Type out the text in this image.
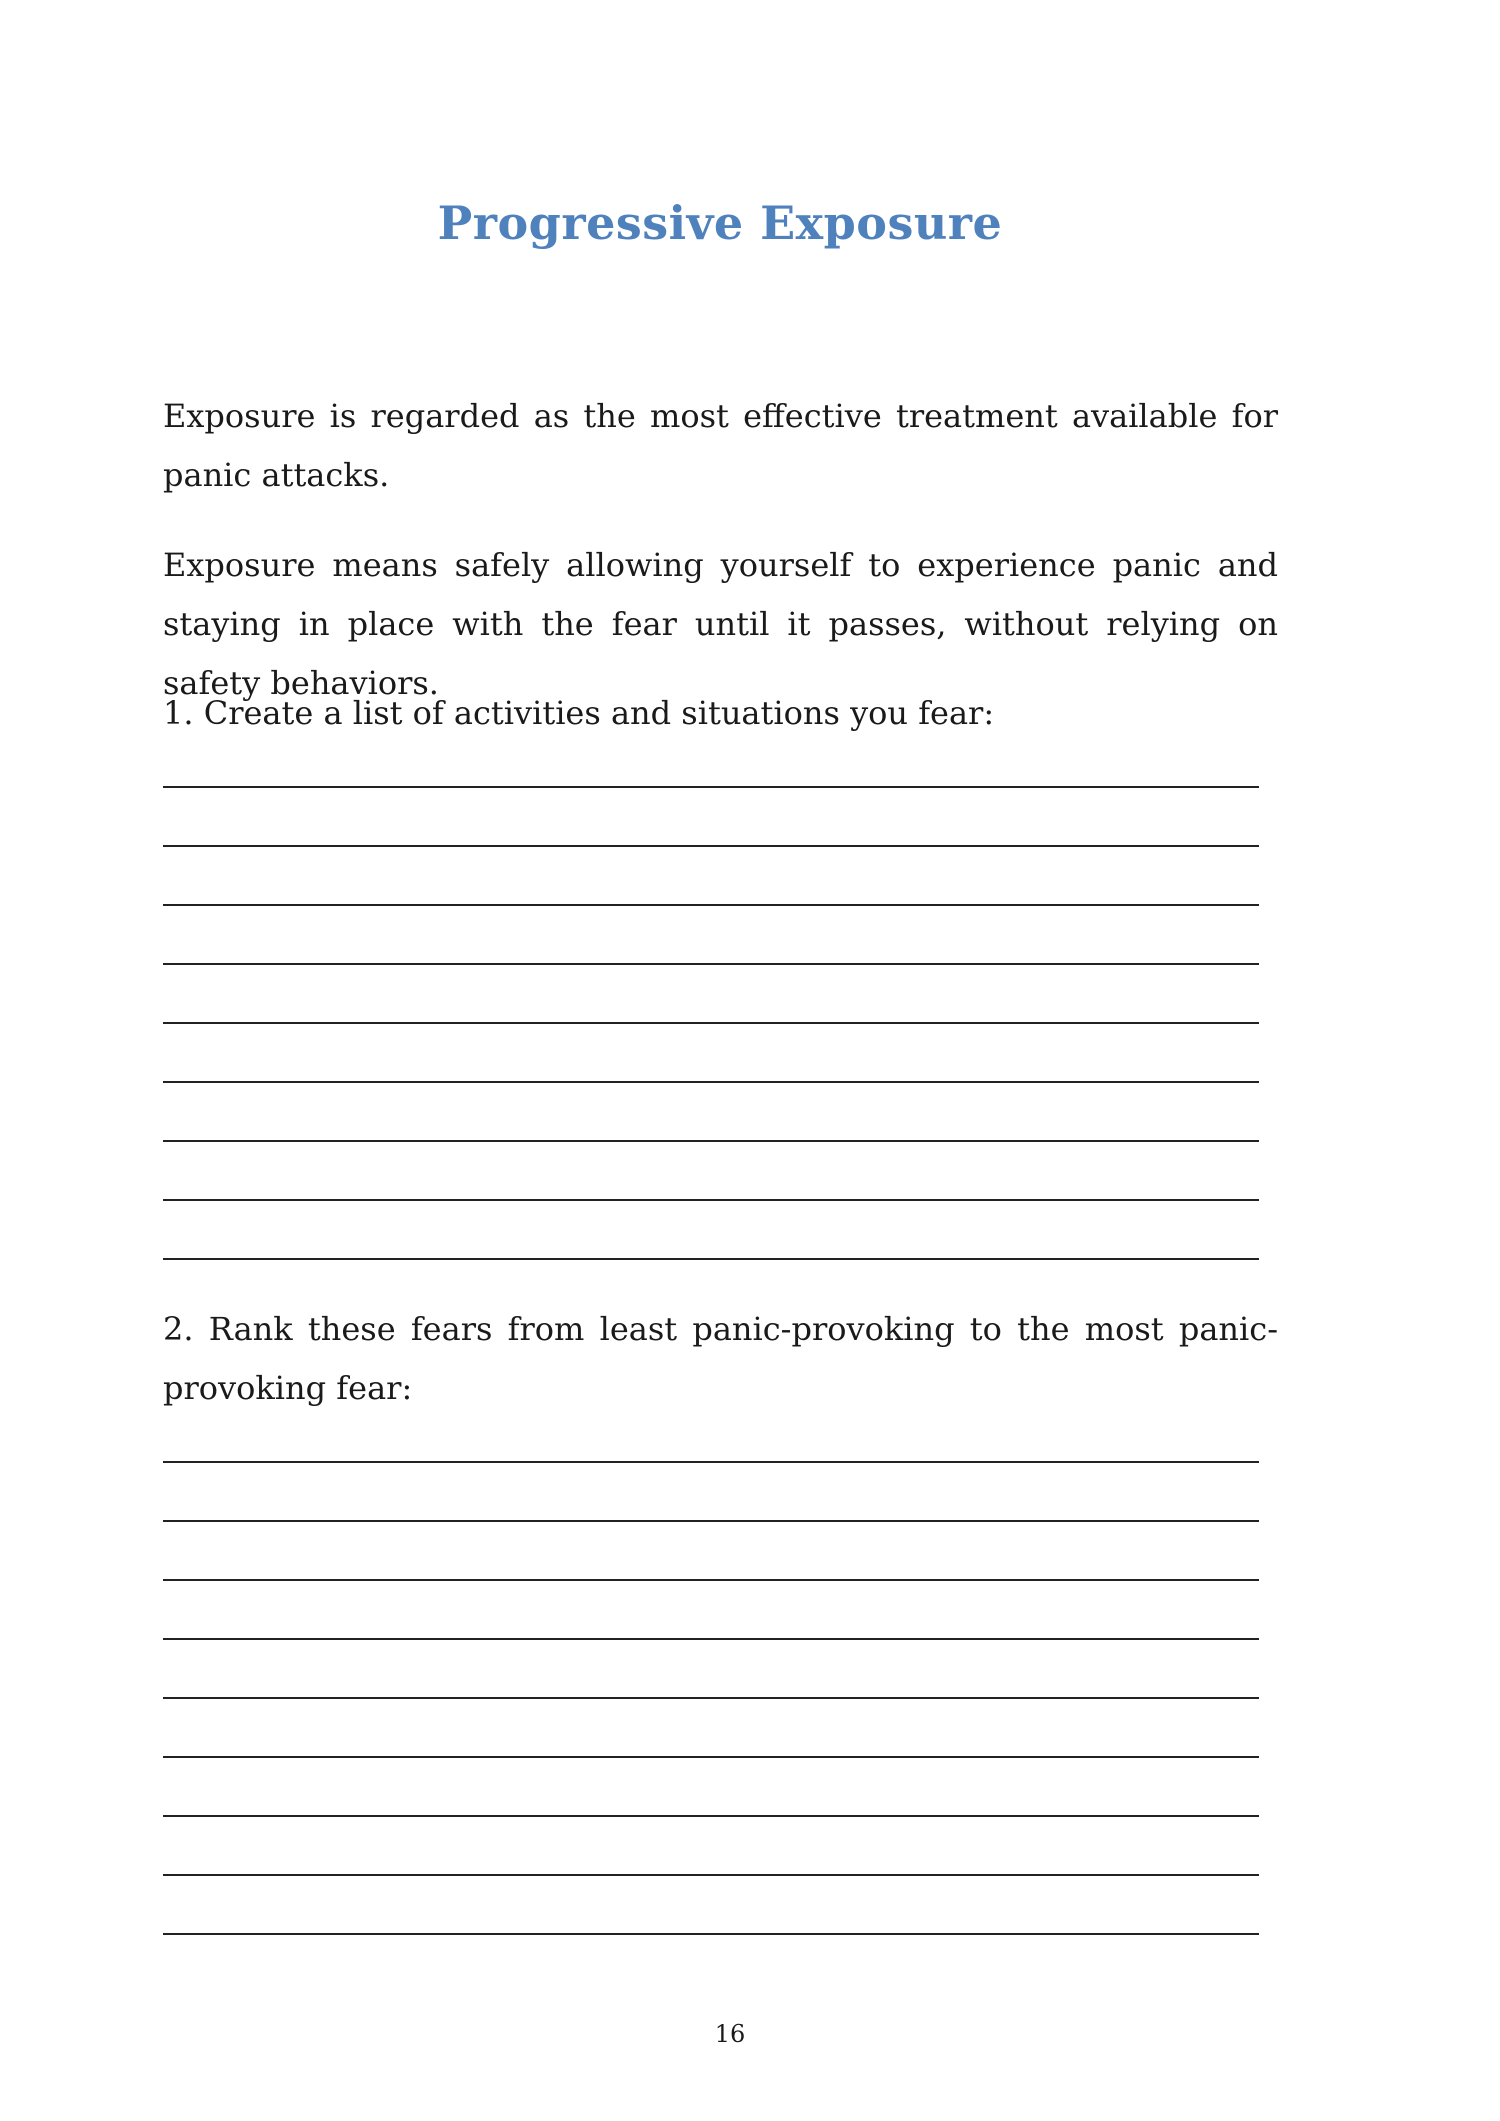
Progressive Exposure
Exposure is regarded as the most effective treatment available for panic attacks.
Exposure means safely allowing yourself to experience panic and staying in place with the fear until it passes, without relying on safety behaviors.
1. Create a list of activities and situations you fear:
2. Rank these fears from least panic-provoking to the most panic-provoking fear:
16
